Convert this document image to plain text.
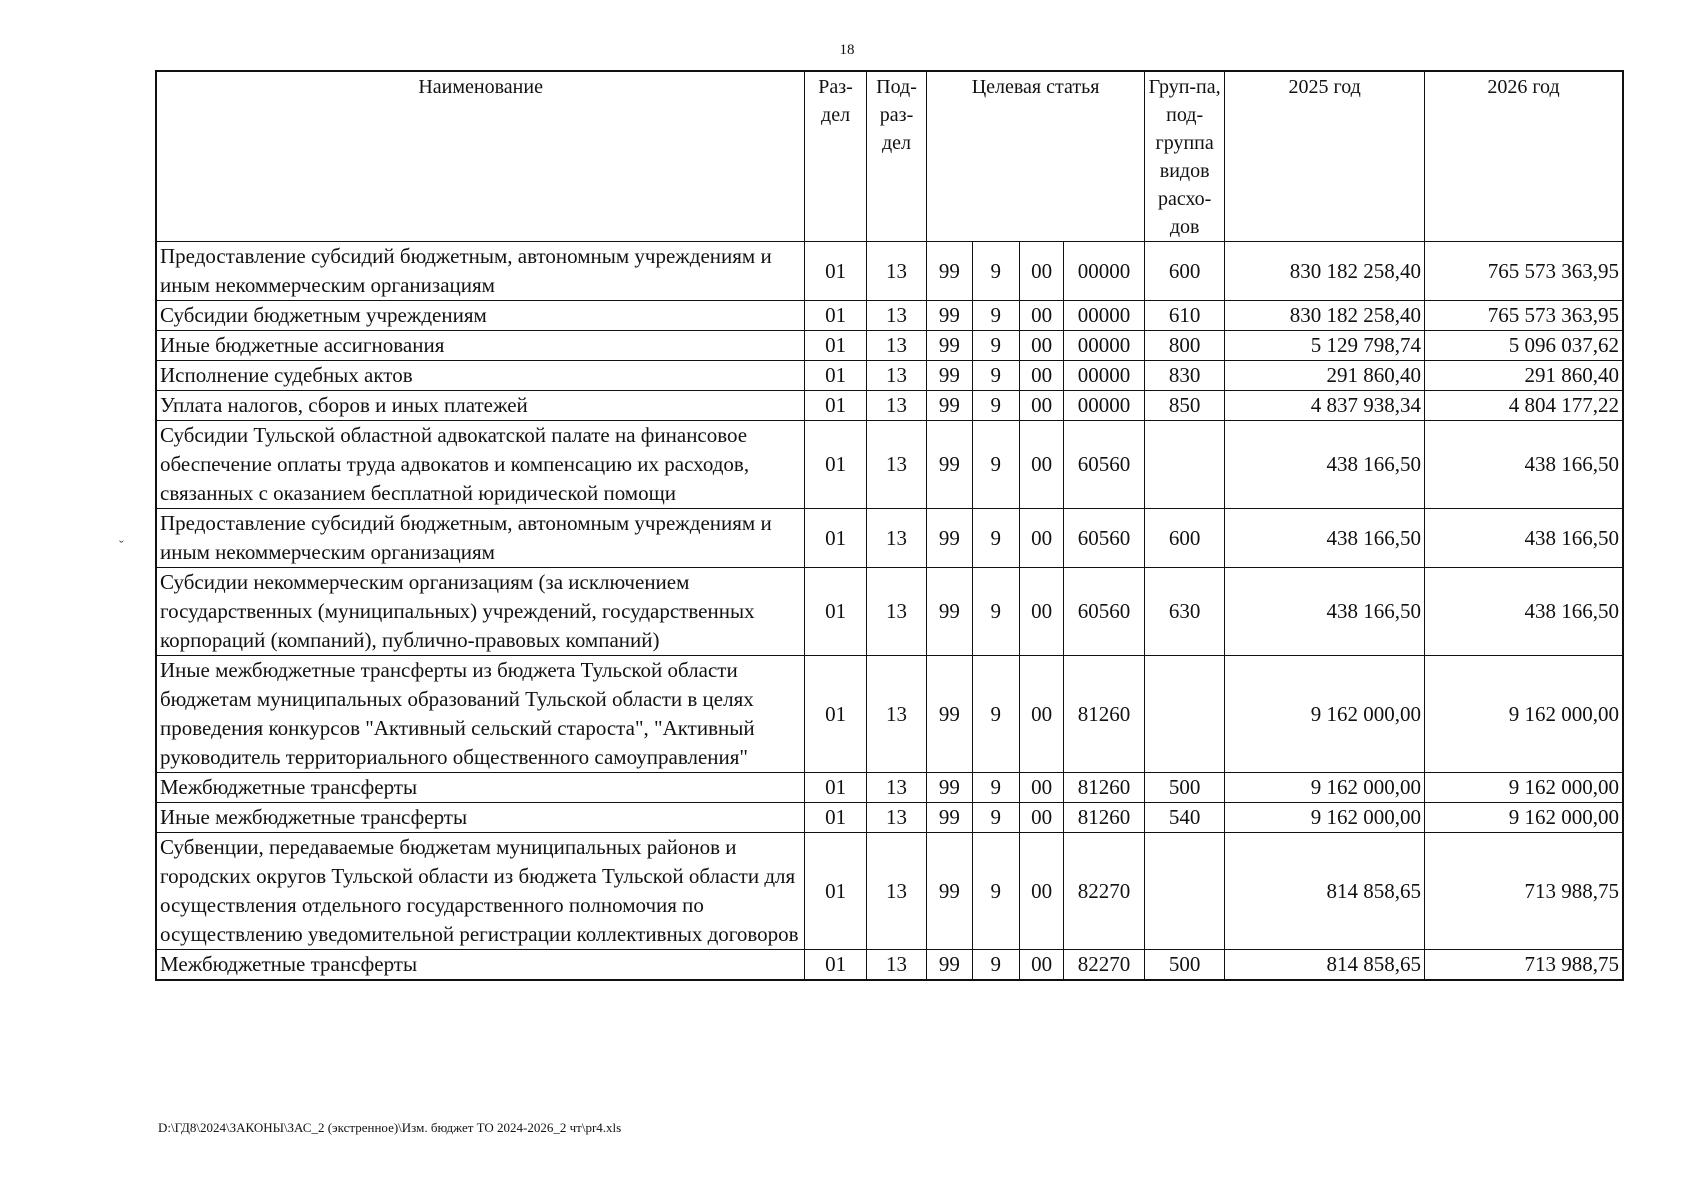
18
ˇ
Наименование	Раз-дел	Под-раз-дел	Целевая статья				Груп-па, под-группа видов расхо-дов	2025 год	2026 год
Предоставление субсидий бюджетным, автономным учреждениям и иным некоммерческим организациям	01	13	99	9	00	00000	600	830 182 258,40	765 573 363,95
Субсидии бюджетным учреждениям	01	13	99	9	00	00000	610	830 182 258,40	765 573 363,95
Иные бюджетные ассигнования	01	13	99	9	00	00000	800	5 129 798,74	5 096 037,62
Исполнение судебных актов	01	13	99	9	00	00000	830	291 860,40	291 860,40
Уплата налогов, сборов и иных платежей	01	13	99	9	00	00000	850	4 837 938,34	4 804 177,22
Субсидии Тульской областной адвокатской палате на финансовое обеспечение оплаты труда адвокатов и компенсацию их расходов, связанных с оказанием бесплатной юридической помощи	01	13	99	9	00	60560		438 166,50	438 166,50
Предоставление субсидий бюджетным, автономным учреждениям и иным некоммерческим организациям	01	13	99	9	00	60560	600	438 166,50	438 166,50
Субсидии некоммерческим организациям (за исключением государственных (муниципальных) учреждений, государственных корпораций (компаний), публично-правовых компаний)	01	13	99	9	00	60560	630	438 166,50	438 166,50
Иные межбюджетные трансферты из бюджета Тульской области бюджетам муниципальных образований Тульской области в целях проведения конкурсов "Активный сельский староста", "Активный руководитель территориального общественного самоуправления"	01	13	99	9	00	81260		9 162 000,00	9 162 000,00
Межбюджетные трансферты	01	13	99	9	00	81260	500	9 162 000,00	9 162 000,00
Иные межбюджетные трансферты	01	13	99	9	00	81260	540	9 162 000,00	9 162 000,00
Субвенции, передаваемые бюджетам муниципальных районов и городских округов Тульской области из бюджета Тульской области для осуществления отдельного государственного полномочия по осуществлению уведомительной регистрации коллективных договоров	01	13	99	9	00	82270		814 858,65	713 988,75
Межбюджетные трансферты	01	13	99	9	00	82270	500	814 858,65	713 988,75
D:\ГД8\2024\ЗАКОНЫ\ЗАС_2 (экстренное)\Изм. бюджет ТО 2024-2026_2 чт\pr4.xls
